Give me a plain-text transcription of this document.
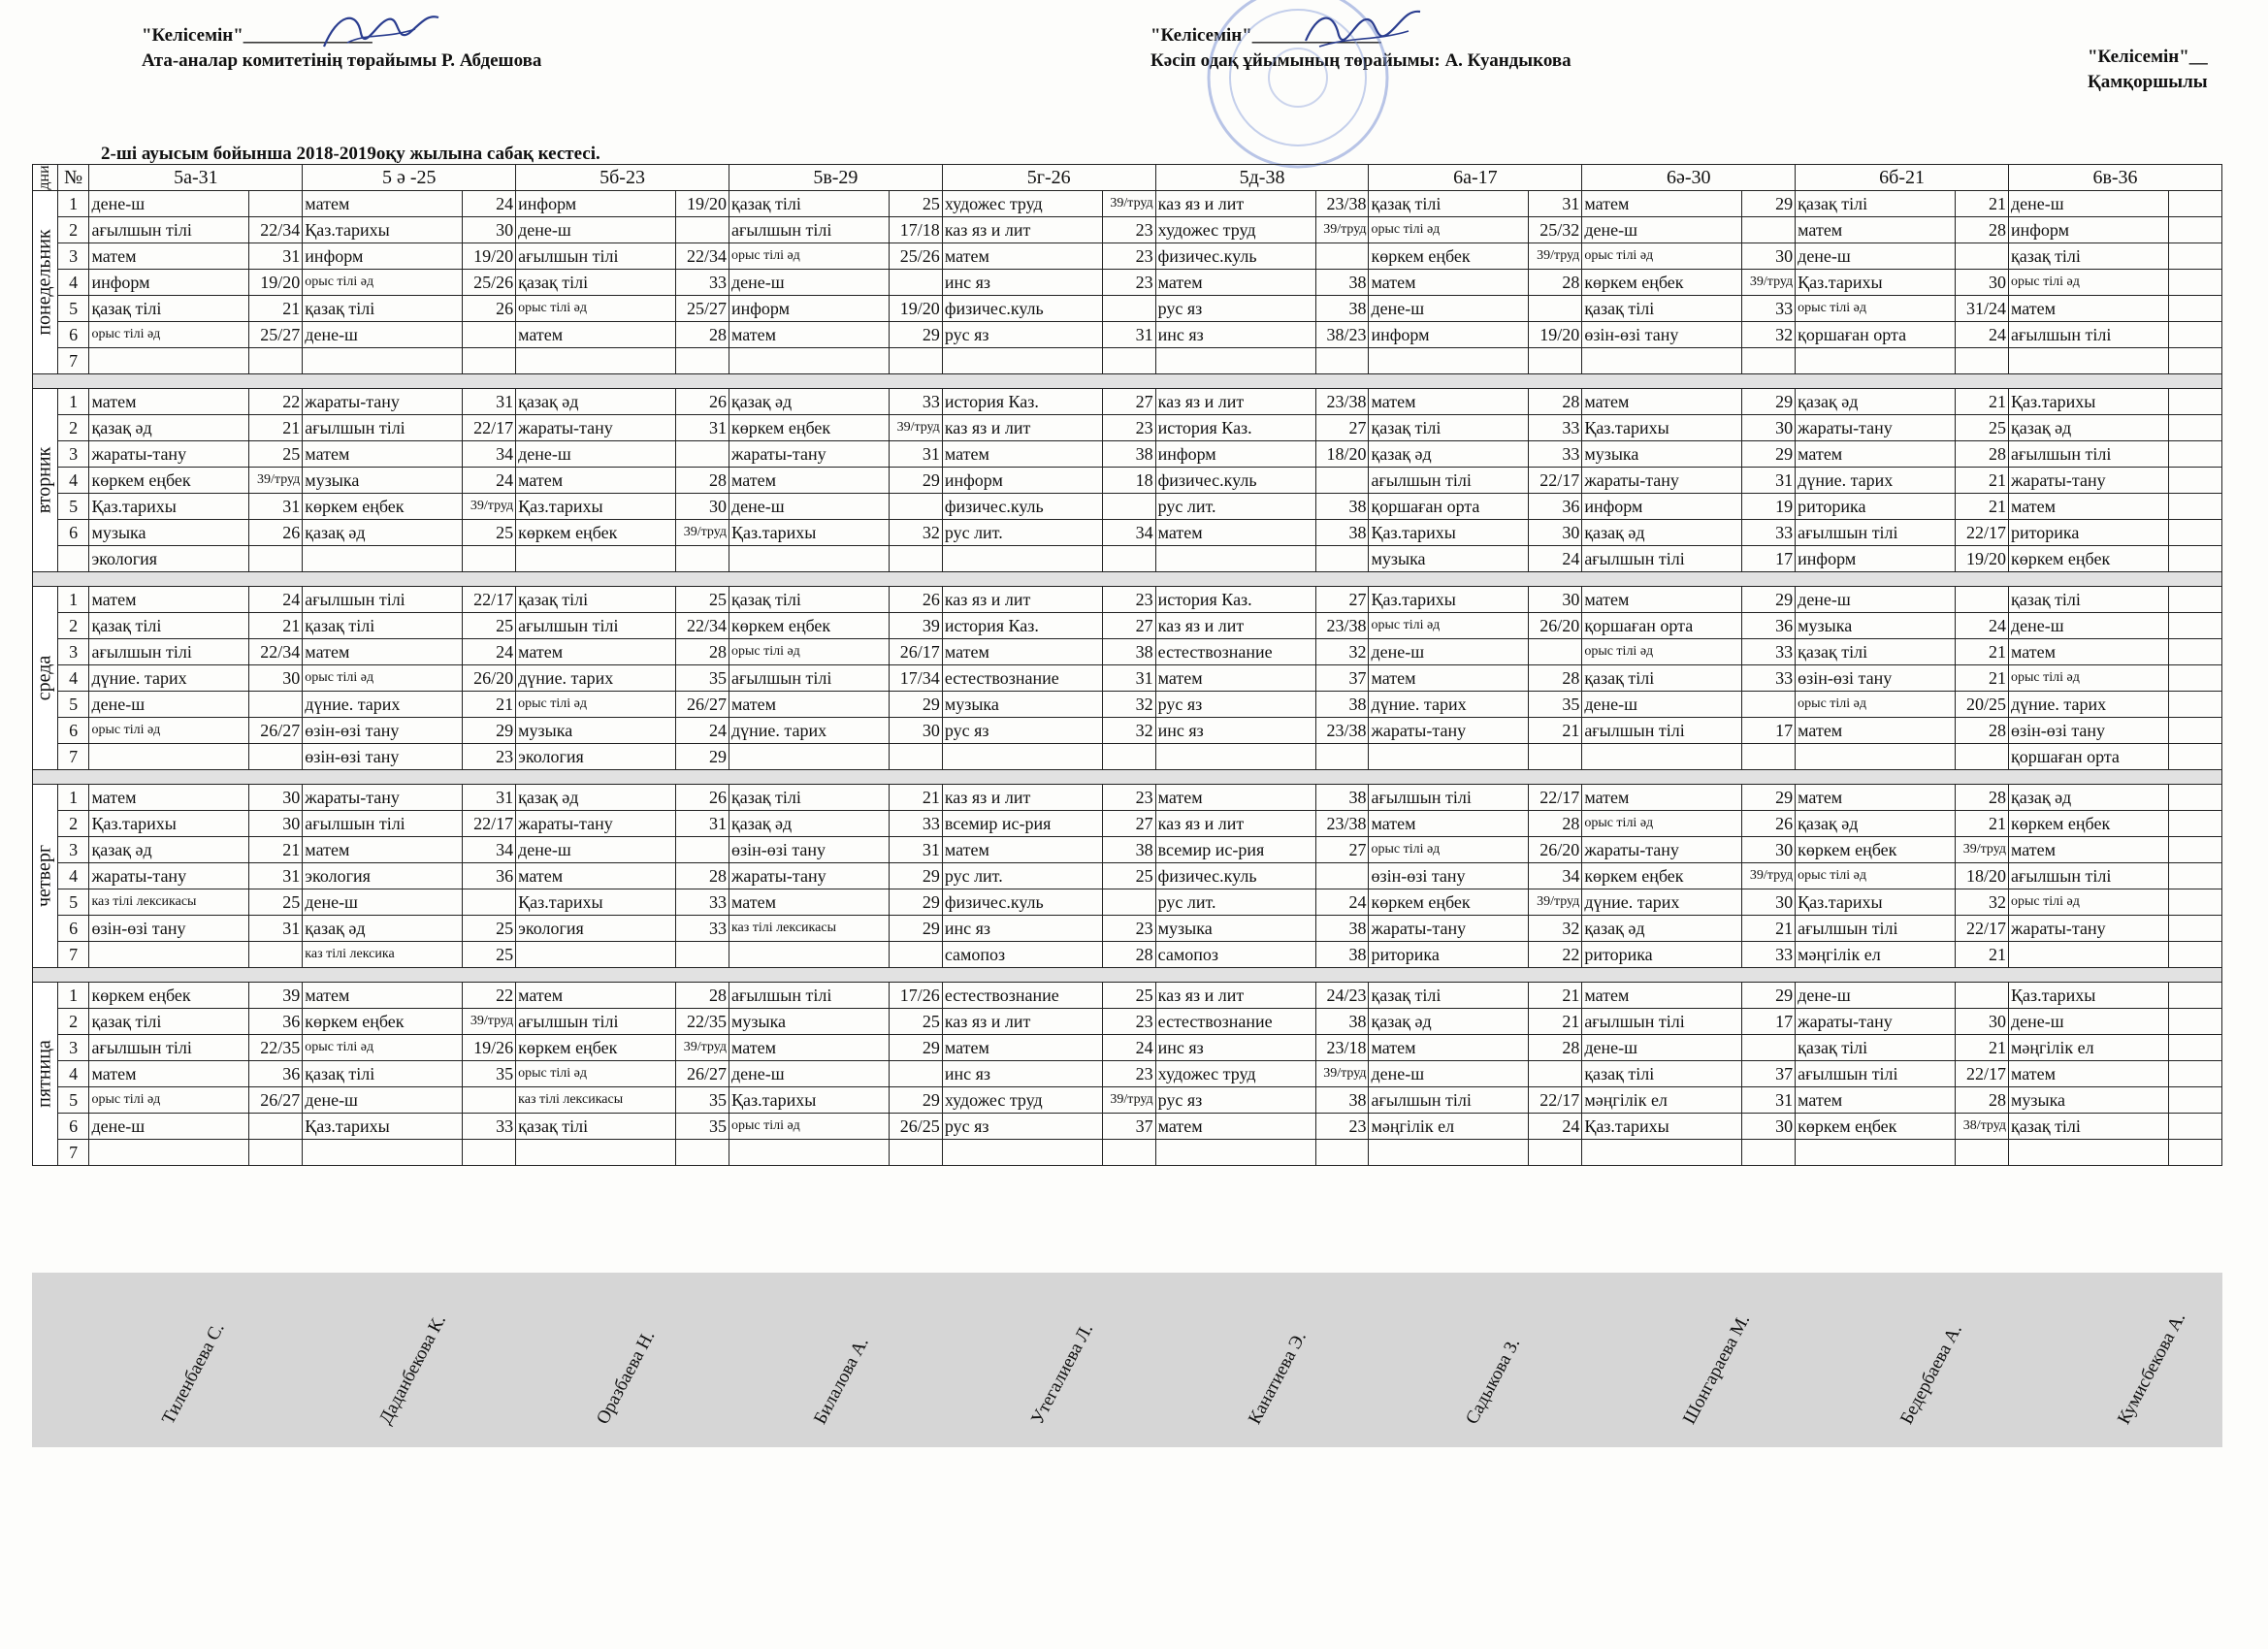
"Келісемін"______________
Ата-аналар комитетінің төрайымы Р. Абдешова
"Келісемін"______________
Кәсіп одақ ұйымының төрайымы: А. Куандыкова	"Келісемін"__
Қамқоршылы
2-ші ауысым бойынша 2018-2019оқу жылына сабақ кестесі.
дни	№	5а-31		5 ә -25		5б-23		5в-29		5г-26		5д-38		6а-17		6ә-30		6б-21		6в-36	

понедельник	1	дене-ш		матем	24	информ	19/20	қазақ тілі	25	художес труд	39/труд	каз яз и лит	23/38	қазақ тілі	31	матем	29	қазақ тілі	21	дене-ш	
	2	ағылшын тілі	22/34	Қаз.тарихы	30	дене-ш		ағылшын тілі	17/18	каз яз и лит	23	художес труд	39/труд	орыс тілі әд	25/32	дене-ш		матем	28	информ	
	3	матем	31	информ	19/20	ағылшын тілі	22/34	орыс тілі әд	25/26	матем	23	физичес.куль		көркем еңбек	39/труд	орыс тілі әд	30	дене-ш		қазақ тілі	
	4	информ	19/20	орыс тілі әд	25/26	қазақ тілі	33	дене-ш		инс яз	23	матем	38	матем	28	көркем еңбек	39/труд	Қаз.тарихы	30	орыс тілі әд	
	5	қазақ тілі	21	қазақ тілі	26	орыс тілі әд	25/27	информ	19/20	физичес.куль		рус яз	38	дене-ш		қазақ тілі	33	орыс тілі әд	31/24	матем	
	6	орыс тілі әд	25/27	дене-ш		матем	28	матем	29	рус яз	31	инс яз	38/23	информ	19/20	өзін-өзі тану	32	қоршаған орта	24	ағылшын тілі	
	7																				

вторник	1	матем	22	жараты-тану	31	қазақ әд	26	қазақ әд	33	история Каз.	27	каз яз и лит	23/38	матем	28	матем	29	қазақ әд	21	Қаз.тарихы	
	2	қазақ әд	21	ағылшын тілі	22/17	жараты-тану	31	көркем еңбек	39/труд	каз яз и лит	23	история Каз.	27	қазақ тілі	33	Қаз.тарихы	30	жараты-тану	25	қазақ әд	
	3	жараты-тану	25	матем	34	дене-ш		жараты-тану	31	матем	38	информ	18/20	қазақ әд	33	музыка	29	матем	28	ағылшын тілі	
	4	көркем еңбек	39/труд	музыка	24	матем	28	матем	29	информ	18	физичес.куль		ағылшын тілі	22/17	жараты-тану	31	дүние. тарих	21	жараты-тану	
	5	Қаз.тарихы	31	көркем еңбек	39/труд	Қаз.тарихы	30	дене-ш		физичес.куль		рус лит.	38	қоршаған орта	36	информ	19	риторика	21	матем	
	6	музыка	26	қазақ әд	25	көркем еңбек	39/труд	Қаз.тарихы	32	рус лит.	34	матем	38	Қаз.тарихы	30	қазақ әд	33	ағылшын тілі	22/17	риторика	
		экология												музыка	24	ағылшын тілі	17	информ	19/20	көркем еңбек	

среда	1	матем	24	ағылшын тілі	22/17	қазақ тілі	25	қазақ тілі	26	каз яз и лит	23	история Каз.	27	Қаз.тарихы	30	матем	29	дене-ш		қазақ тілі	
	2	қазақ тілі	21	қазақ тілі	25	ағылшын тілі	22/34	көркем еңбек	39	история Каз.	27	каз яз и лит	23/38	орыс тілі әд	26/20	қоршаған орта	36	музыка	24	дене-ш	
	3	ағылшын тілі	22/34	матем	24	матем	28	орыс тілі әд	26/17	матем	38	естествознание	32	дене-ш		орыс тілі әд	33	қазақ тілі	21	матем	
	4	дүние. тарих	30	орыс тілі әд	26/20	дүние. тарих	35	ағылшын тілі	17/34	естествознание	31	матем	37	матем	28	қазақ тілі	33	өзін-өзі тану	21	орыс тілі әд	
	5	дене-ш		дүние. тарих	21	орыс тілі әд	26/27	матем	29	музыка	32	рус яз	38	дүние. тарих	35	дене-ш		орыс тілі әд	20/25	дүние. тарих	
	6	орыс тілі әд	26/27	өзін-өзі тану	29	музыка	24	дүние. тарих	30	рус яз	32	инс яз	23/38	жараты-тану	21	ағылшын тілі	17	матем	28	өзін-өзі тану	
	7			өзін-өзі тану	23	экология	29													қоршаған орта	

четверг	1	матем	30	жараты-тану	31	қазақ әд	26	қазақ тілі	21	каз яз и лит	23	матем	38	ағылшын тілі	22/17	матем	29	матем	28	қазақ әд	
	2	Қаз.тарихы	30	ағылшын тілі	22/17	жараты-тану	31	қазақ әд	33	всемир ис-рия	27	каз яз и лит	23/38	матем	28	орыс тілі әд	26	қазақ әд	21	көркем еңбек	
	3	қазақ әд	21	матем	34	дене-ш		өзін-өзі тану	31	матем	38	всемир ис-рия	27	орыс тілі әд	26/20	жараты-тану	30	көркем еңбек	39/труд	матем	
	4	жараты-тану	31	экология	36	матем	28	жараты-тану	29	рус лит.	25	физичес.куль		өзін-өзі тану	34	көркем еңбек	39/труд	орыс тілі әд	18/20	ағылшын тілі	
	5	каз тілі лексикасы	25	дене-ш		Қаз.тарихы	33	матем	29	физичес.куль		рус лит.	24	көркем еңбек	39/труд	дүние. тарих	30	Қаз.тарихы	32	орыс тілі әд	
	6	өзін-өзі тану	31	қазақ әд	25	экология	33	каз тілі лексикасы	29	инс яз	23	музыка	38	жараты-тану	32	қазақ әд	21	ағылшын тілі	22/17	жараты-тану	
	7			каз тілі лексика	25					самопоз	28	самопоз	38	риторика	22	риторика	33	мәңгілік ел	21		

пятница	1	көркем еңбек	39	матем	22	матем	28	ағылшын тілі	17/26	естествознание	25	каз яз и лит	24/23	қазақ тілі	21	матем	29	дене-ш		Қаз.тарихы	
	2	қазақ тілі	36	көркем еңбек	39/труд	ағылшын тілі	22/35	музыка	25	каз яз и лит	23	естествознание	38	қазақ әд	21	ағылшын тілі	17	жараты-тану	30	дене-ш	
	3	ағылшын тілі	22/35	орыс тілі әд	19/26	көркем еңбек	39/труд	матем	29	матем	24	инс яз	23/18	матем	28	дене-ш		қазақ тілі	21	мәңгілік ел	
	4	матем	36	қазақ тілі	35	орыс тілі әд	26/27	дене-ш		инс яз	23	художес труд	39/труд	дене-ш		қазақ тілі	37	ағылшын тілі	22/17	матем	
	5	орыс тілі әд	26/27	дене-ш		каз тілі лексикасы	35	Қаз.тарихы	29	художес труд	39/труд	рус яз	38	ағылшын тілі	22/17	мәңгілік ел	31	матем	28	музыка	
	6	дене-ш		Қаз.тарихы	33	қазақ тілі	35	орыс тілі әд	26/25	рус яз	37	матем	23	мәңгілік ел	24	Қаз.тарихы	30	көркем еңбек	38/труд	қазақ тілі	
	7																				
Тиленбаева С.	Даданбекова К.	Оразбаева Н.	Билалова А.	Утегалиева Л.	Канатиева Э.	Садыкова З.	Шонгараева М.	Бедербаева А.	Кумисбекова А.
